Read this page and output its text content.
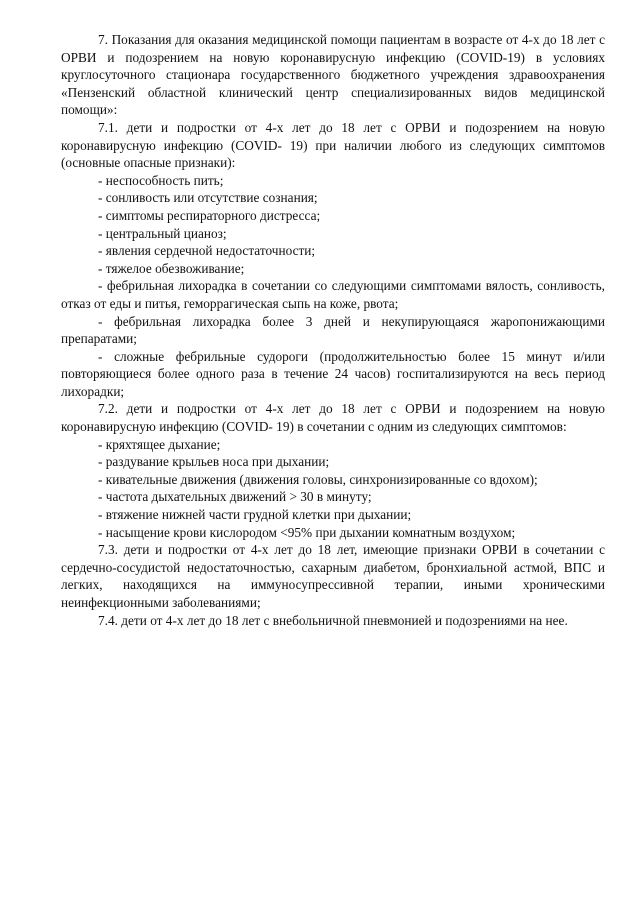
7. Показания для оказания медицинской помощи пациентам в возрасте от 4-х до 18 лет с ОРВИ и подозрением на новую коронавирусную инфекцию (COVID-19) в условиях круглосуточного стационара государственного бюджетного учреждения здравоохранения «Пензенский областной клинический центр специализированных видов медицинской помощи»:

7.1. дети и подростки от 4-х лет до 18 лет с ОРВИ и подозрением на новую коронавирусную инфекцию (COVID- 19) при наличии любого из следующих симптомов (основные опасные признаки):

- неспособность пить;

- сонливость или отсутствие сознания;

- симптомы респираторного дистресса;

- центральный цианоз;

- явления сердечной недостаточности;

- тяжелое обезвоживание;

- фебрильная лихорадка в сочетании со следующими симптомами вялость, сонливость, отказ от еды и питья, геморрагическая сыпь на коже, рвота;

- фебрильная лихорадка более 3 дней и некупирующаяся жаропонижающими препаратами;

- сложные фебрильные судороги (продолжительностью более 15 минут и/или повторяющиеся более одного раза в течение 24 часов) госпитализируются на весь период лихорадки;

7.2. дети и подростки от 4-х лет до 18 лет с ОРВИ и подозрением на новую коронавирусную инфекцию (COVID- 19) в сочетании с одним из следующих симптомов:

- кряхтящее дыхание;

- раздувание крыльев носа при дыхании;

- кивательные движения (движения головы, синхронизированные со вдохом);

- частота дыхательных движений > 30 в минуту;

- втяжение нижней части грудной клетки при дыхании;

- насыщение крови кислородом <95% при дыхании комнатным воздухом;

7.3. дети и подростки от 4-х лет до 18 лет, имеющие признаки ОРВИ в сочетании с сердечно-сосудистой недостаточностью, сахарным диабетом, бронхиальной астмой, ВПС и легких, находящихся на иммуносупрессивной терапии, иными хроническими неинфекционными заболеваниями;

7.4. дети от 4-х лет до 18 лет с внебольничной пневмонией и подозрениями на нее.
